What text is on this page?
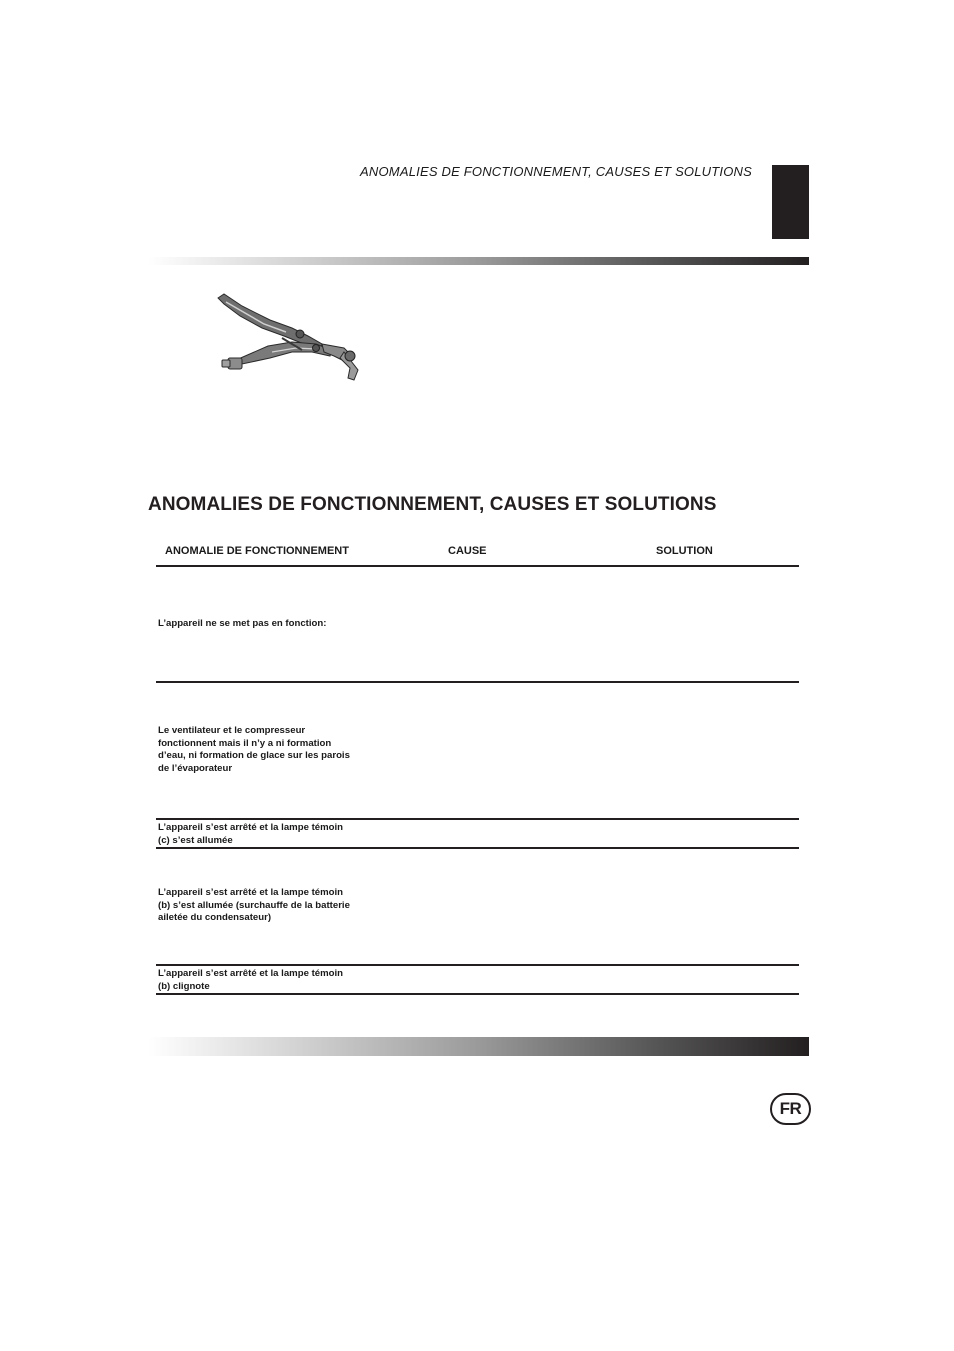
ANOMALIES DE FONCTIONNEMENT, CAUSES ET SOLUTIONS
ANOMALIES DE FONCTIONNEMENT, CAUSES ET SOLUTIONS
ANOMALIE DE FONCTIONNEMENT	CAUSE	SOLUTION
L’appareil ne se met pas en fonction:
Le ventilateur et le compresseur
fonctionnent mais il n’y a ni formation
d’eau, ni formation de glace sur les parois
de l’évaporateur
L’appareil s’est arrêté et la lampe témoin
(c) s’est allumée
L’appareil s’est arrêté et la lampe témoin
(b) s’est allumée (surchauffe de la batterie
ailetée du condensateur)
L’appareil s’est arrêté et la lampe témoin
(b) clignote
FR
